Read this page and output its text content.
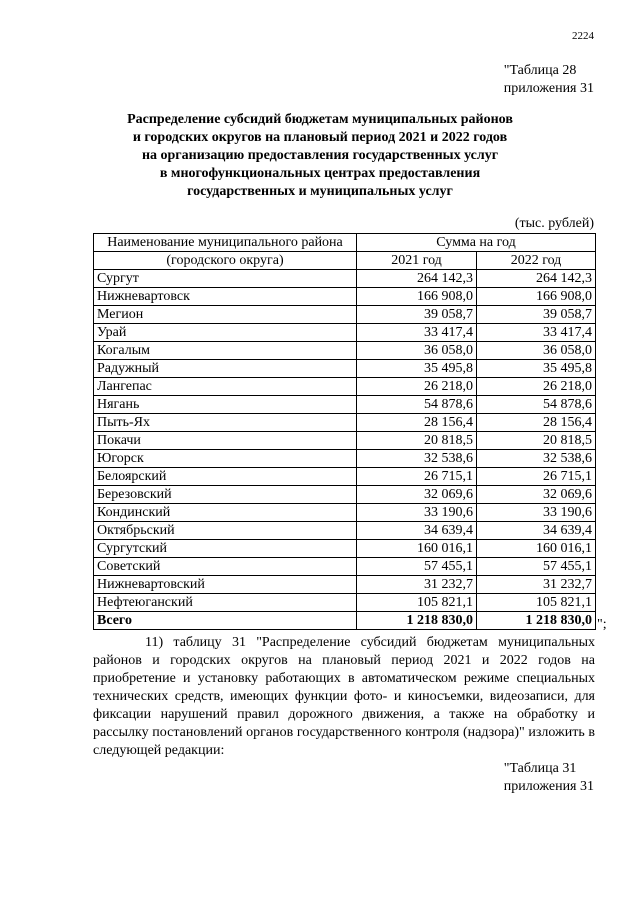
2224
"Таблица 28
приложения 31
Распределение субсидий бюджетам муниципальных районов
и городских округов на плановый период 2021 и 2022 годов
на организацию предоставления государственных услуг
в многофункциональных центрах предоставления
государственных и муниципальных услуг
(тыс. рублей)
Наименование муниципального района	Сумма на год	
(городского округа)	2021 год	2022 год
Сургут	264 142,3	264 142,3
Нижневартовск	166 908,0	166 908,0
Мегион	39 058,7	39 058,7
Урай	33 417,4	33 417,4
Когалым	36 058,0	36 058,0
Радужный	35 495,8	35 495,8
Лангепас	26 218,0	26 218,0
Нягань	54 878,6	54 878,6
Пыть-Ях	28 156,4	28 156,4
Покачи	20 818,5	20 818,5
Югорск	32 538,6	32 538,6
Белоярский	26 715,1	26 715,1
Березовский	32 069,6	32 069,6
Кондинский	33 190,6	33 190,6
Октябрьский	34 639,4	34 639,4
Сургутский	160 016,1	160 016,1
Советский	57 455,1	57 455,1
Нижневартовский	31 232,7	31 232,7
Нефтеюганский	105 821,1	105 821,1
Всего	1 218 830,0	1 218 830,0 ";
11) таблицу 31 "Распределение субсидий бюджетам муниципальных районов и городских округов на плановый период 2021 и 2022 годов на приобретение и установку работающих в автоматическом режиме специальных технических средств, имеющих функции фото- и киносъемки, видеозаписи, для фиксации нарушений правил дорожного движения, а также на обработку и рассылку постановлений органов государственного контроля (надзора)" изложить в следующей редакции:
"Таблица 31
приложения 31
